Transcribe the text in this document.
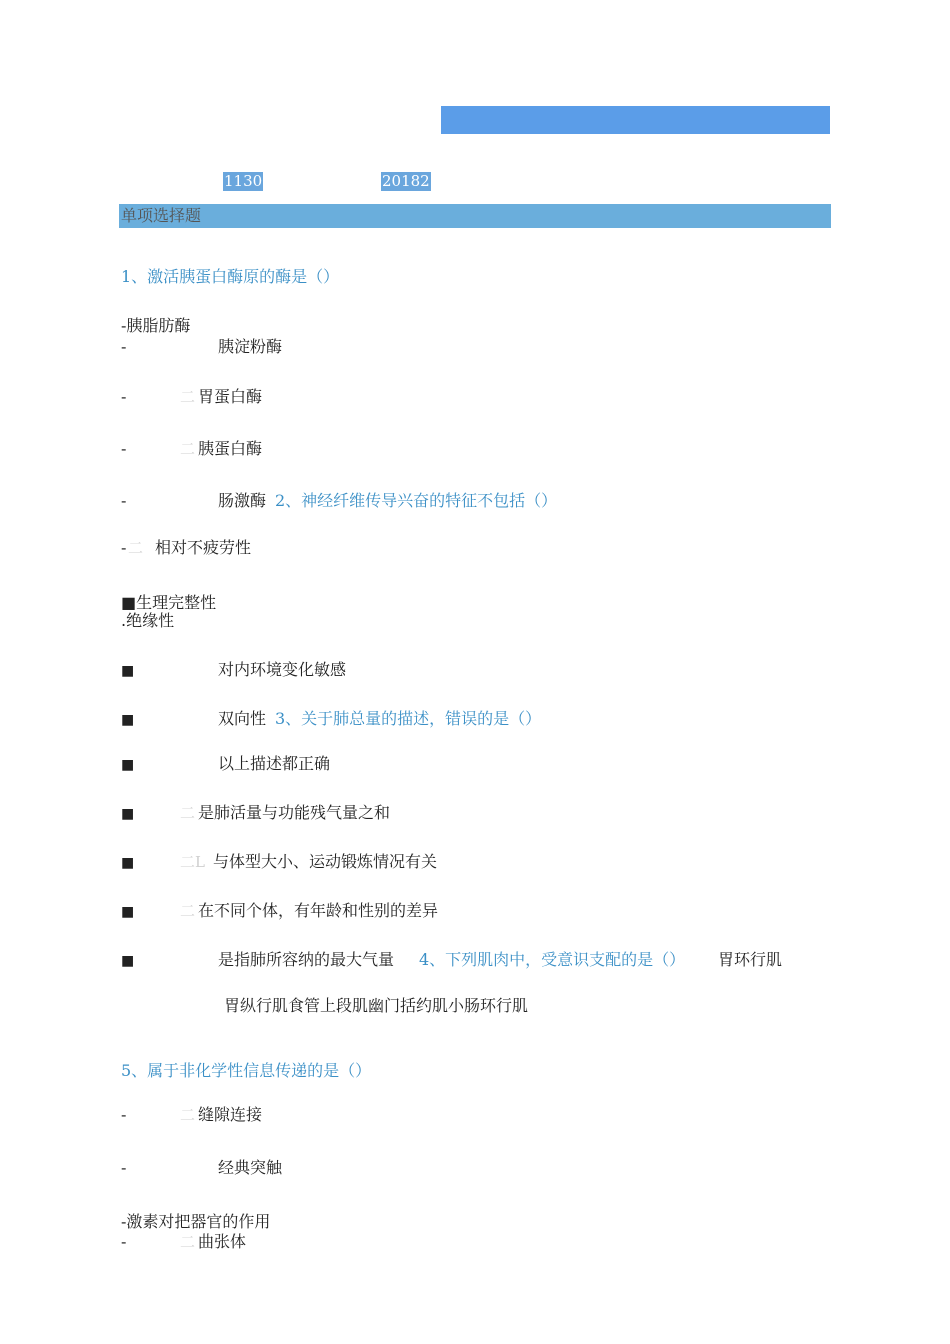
1130	20182
单项选择题
1、激活胰蛋白酶原的酶是（）
-胰脂肪酶
-	胰淀粉酶
-	二 胃蛋白酶
-	二 胰蛋白酶
-	肠激酶 2、神经纤维传导兴奋的特征不包括（）
- 二 相对不疲劳性
■生理完整性
.绝缘性
■	对内环境变化敏感
■	双向性 3、关于肺总量的描述，错误的是（）
■	以上描述都正确
■	二 是肺活量与功能残气量之和
■	二L 与体型大小、运动锻炼情况有关
■	二 在不同个体，有年龄和性别的差异
■	是指肺所容纳的最大气量 4、下列肌肉中，受意识支配的是（） 胃环行肌
胃纵行肌食管上段肌幽门括约肌小肠环行肌
5、属于非化学性信息传递的是（）
-	二 缝隙连接
-	经典突触
-激素对把器官的作用
-	二 曲张体
